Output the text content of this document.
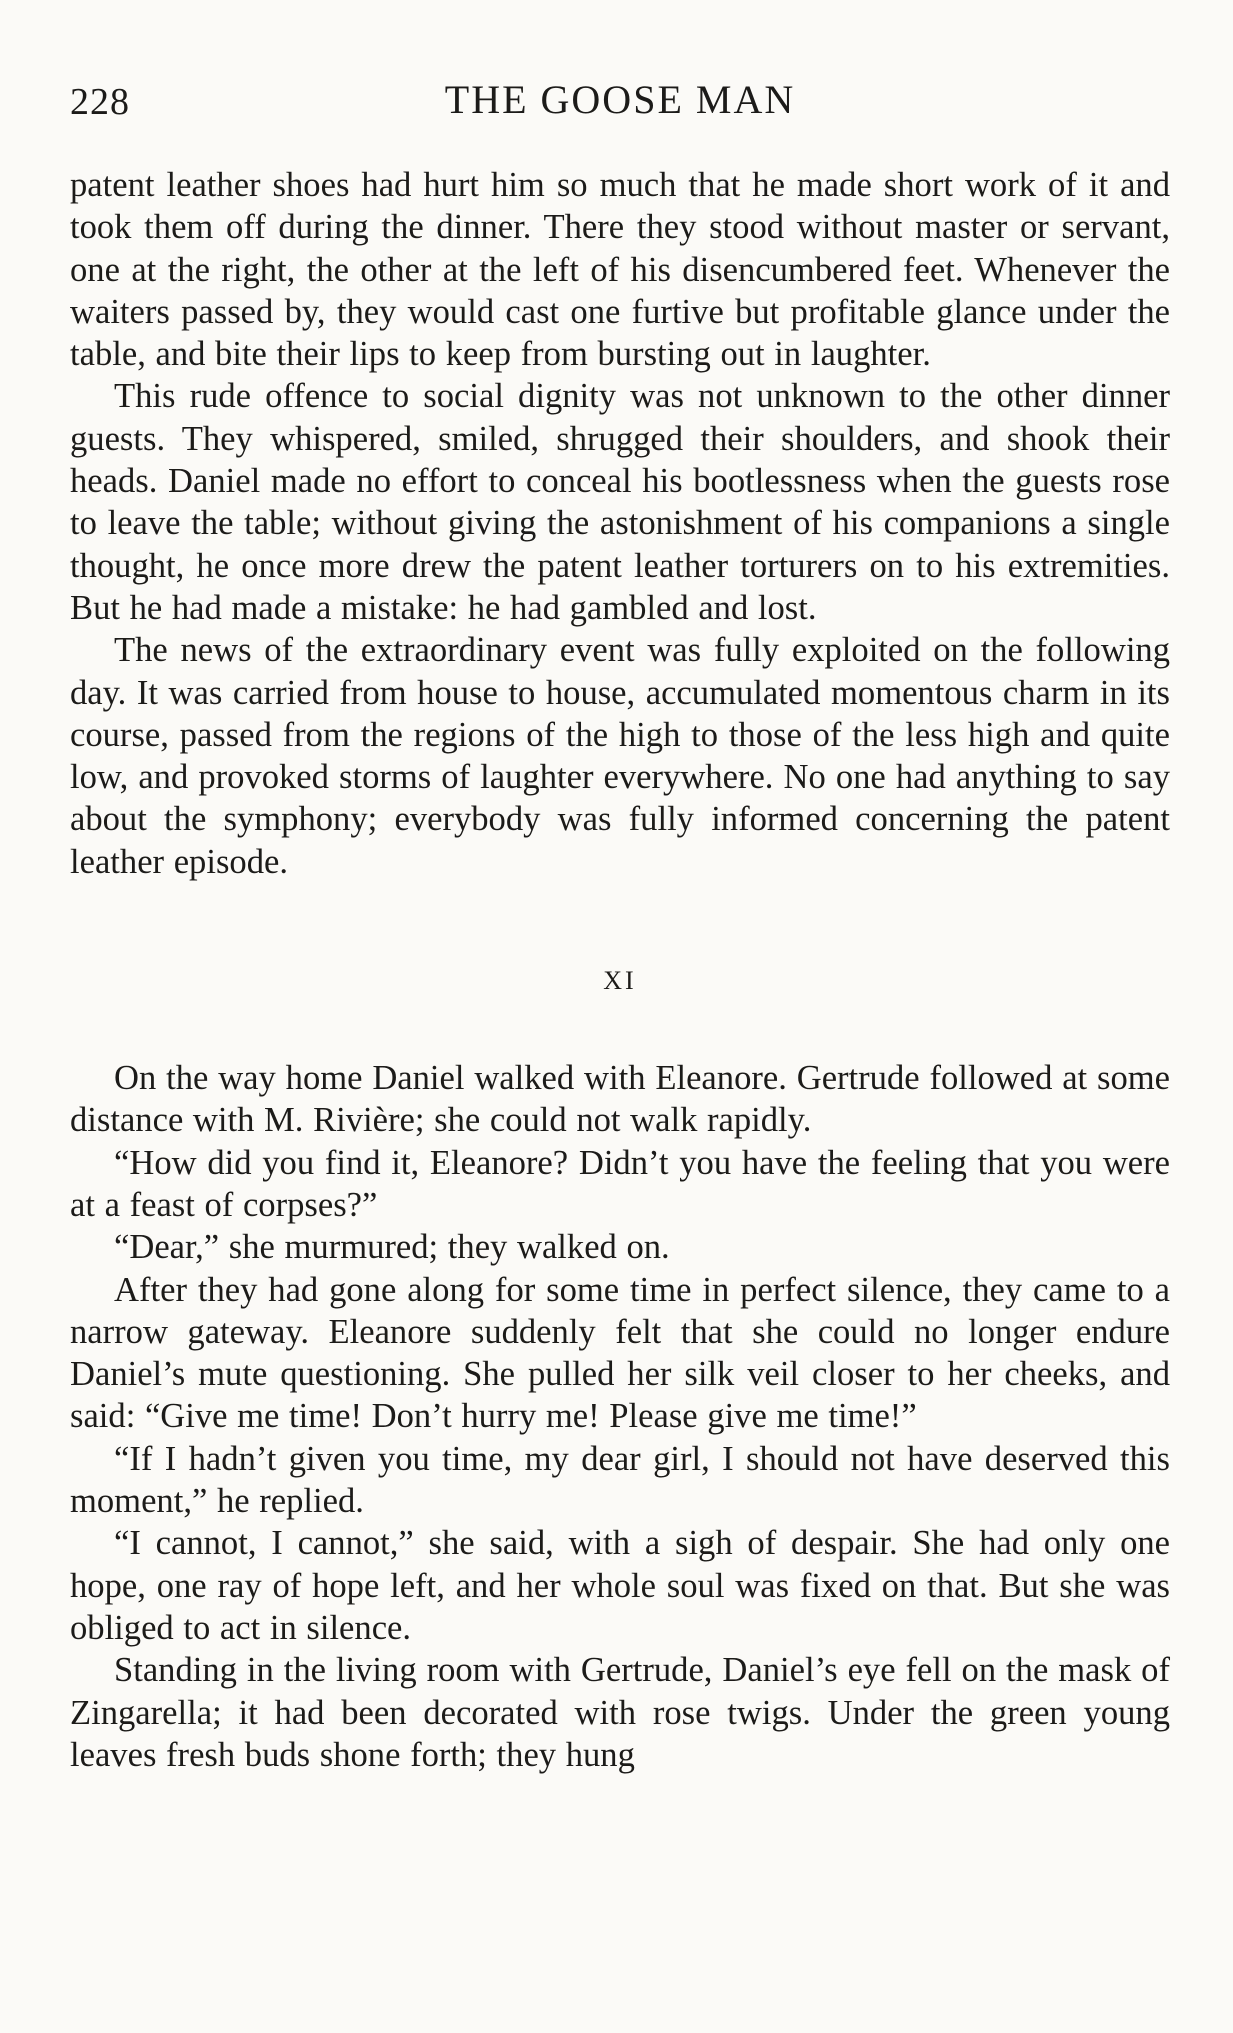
228	THE GOOSE MAN

patent leather shoes had hurt him so much that he made short work of it and took them off during the dinner. There they stood without master or servant, one at the right, the other at the left of his disencumbered feet. Whenever the waiters passed by, they would cast one furtive but profitable glance under the table, and bite their lips to keep from bursting out in laughter.

This rude offence to social dignity was not unknown to the other dinner guests. They whispered, smiled, shrugged their shoulders, and shook their heads. Daniel made no effort to conceal his bootlessness when the guests rose to leave the table; without giving the astonishment of his companions a single thought, he once more drew the patent leather torturers on to his extremities. But he had made a mistake: he had gambled and lost.

The news of the extraordinary event was fully exploited on the following day. It was carried from house to house, accumulated momentous charm in its course, passed from the regions of the high to those of the less high and quite low, and provoked storms of laughter everywhere. No one had anything to say about the symphony; everybody was fully informed concerning the patent leather episode.

XI

On the way home Daniel walked with Eleanore. Gertrude followed at some distance with M. Rivière; she could not walk rapidly.

“How did you find it, Eleanore? Didn’t you have the feeling that you were at a feast of corpses?”

“Dear,” she murmured; they walked on.

After they had gone along for some time in perfect silence, they came to a narrow gateway. Eleanore suddenly felt that she could no longer endure Daniel’s mute questioning. She pulled her silk veil closer to her cheeks, and said: “Give me time! Don’t hurry me! Please give me time!”

“If I hadn’t given you time, my dear girl, I should not have deserved this moment,” he replied.

“I cannot, I cannot,” she said, with a sigh of despair. She had only one hope, one ray of hope left, and her whole soul was fixed on that. But she was obliged to act in silence.

Standing in the living room with Gertrude, Daniel’s eye fell on the mask of Zingarella; it had been decorated with rose twigs. Under the green young leaves fresh buds shone forth; they hung
